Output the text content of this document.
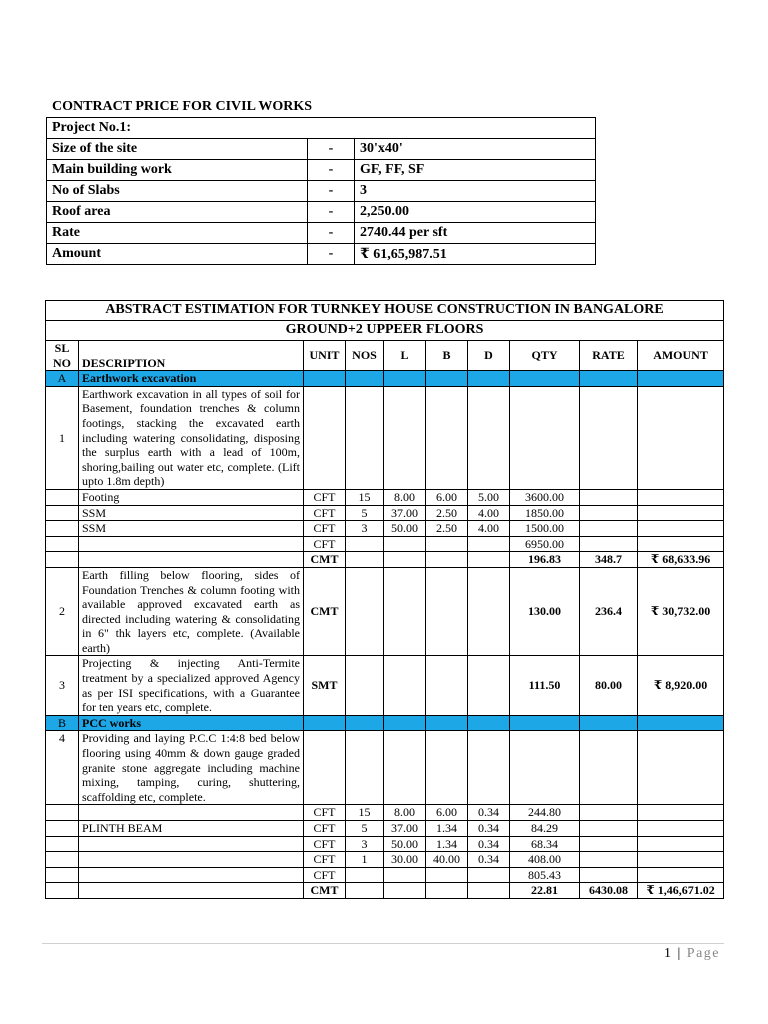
CONTRACT PRICE FOR CIVIL WORKS
Project No.1:		
Size of the site	-	30'x40'
Main building work	-	GF, FF, SF
No of Slabs	-	3
Roof area	-	2,250.00
Rate	-	2740.44 per sft
Amount	-	₹ 61,65,987.51
ABSTRACT ESTIMATION FOR TURNKEY HOUSE CONSTRUCTION IN BANGALORE									
GROUND+2 UPPEER FLOORS									
SL NO	DESCRIPTION	UNIT	NOS	L	B	D	QTY	RATE	AMOUNT
A	Earthwork excavation								
1	Earthwork excavation in all types of soil for Basement, foundation trenches & column footings, stacking the excavated earth including watering consolidating, disposing the surplus earth with a lead of 100m, shoring,bailing out water etc, complete. (Lift upto 1.8m depth)								
	Footing	CFT	15	8.00	6.00	5.00	3600.00		
	SSM	CFT	5	37.00	2.50	4.00	1850.00		
	SSM	CFT	3	50.00	2.50	4.00	1500.00		
		CFT					6950.00		
		CMT					196.83	348.7	₹ 68,633.96
2	Earth filling below flooring, sides of Foundation Trenches & column footing with available approved excavated earth as directed including watering & consolidating in 6" thk layers etc, complete. (Available earth)	CMT					130.00	236.4	₹ 30,732.00
3	Projecting & injecting Anti-Termite treatment by a specialized approved Agency as per ISI specifications, with a Guarantee for ten years etc, complete.	SMT					111.50	80.00	₹ 8,920.00
B	PCC works								
4	Providing and laying P.C.C 1:4:8 bed below flooring using 40mm & down gauge graded granite stone aggregate including machine mixing, tamping, curing, shuttering, scaffolding etc, complete.								
		CFT	15	8.00	6.00	0.34	244.80		
	PLINTH BEAM	CFT	5	37.00	1.34	0.34	84.29		
		CFT	3	50.00	1.34	0.34	68.34		
		CFT	1	30.00	40.00	0.34	408.00		
		CFT					805.43		
		CMT					22.81	6430.08	₹ 1,46,671.02
1 | Page
